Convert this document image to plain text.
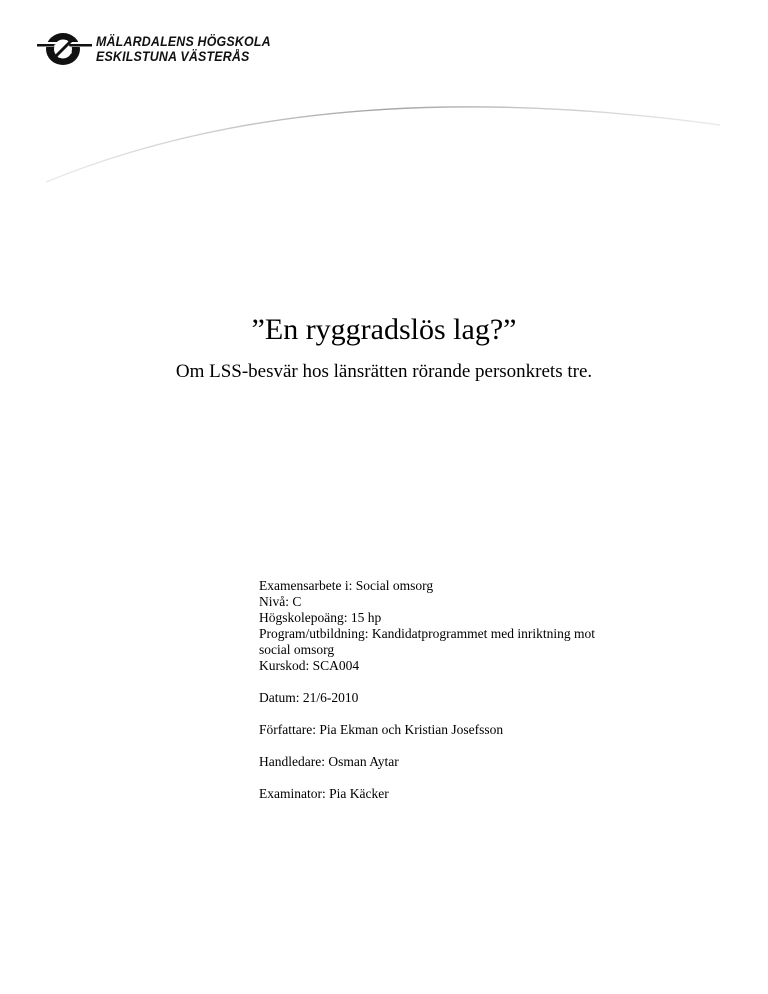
MÄLARDALENS HÖGSKOLA
ESKILSTUNA VÄSTERÅS
”En ryggradslös lag?”

Om LSS-besvär hos länsrätten rörande personkrets tre.

Examensarbete i: Social omsorg
Nivå: C
Högskolepoäng: 15 hp
Program/utbildning: Kandidatprogrammet med inriktning mot
social omsorg
Kurskod: SCA004
Datum: 21/6-2010
Författare: Pia Ekman och Kristian Josefsson
Handledare: Osman Aytar
Examinator: Pia Käcker
